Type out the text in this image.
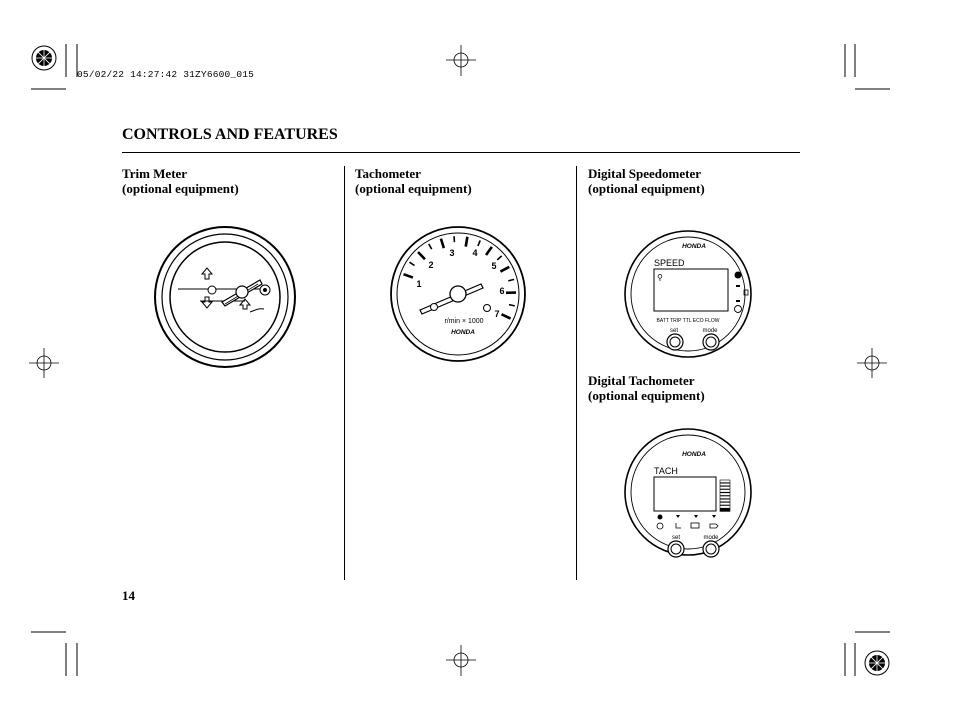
05/02/22 14:27:42 31ZY6600_015
CONTROLS AND FEATURES
Trim Meter
(optional equipment)
Tachometer
(optional equipment)
Digital Speedometer
(optional equipment)
Digital Tachometer
(optional equipment)
1
2
3 4
5
6
7
r/min × 1000
HONDA
HONDA
SPEED
⚲
BATT TRIP TTL ECO FLOW
set	mode
HONDA
TACH
set	mode
14
